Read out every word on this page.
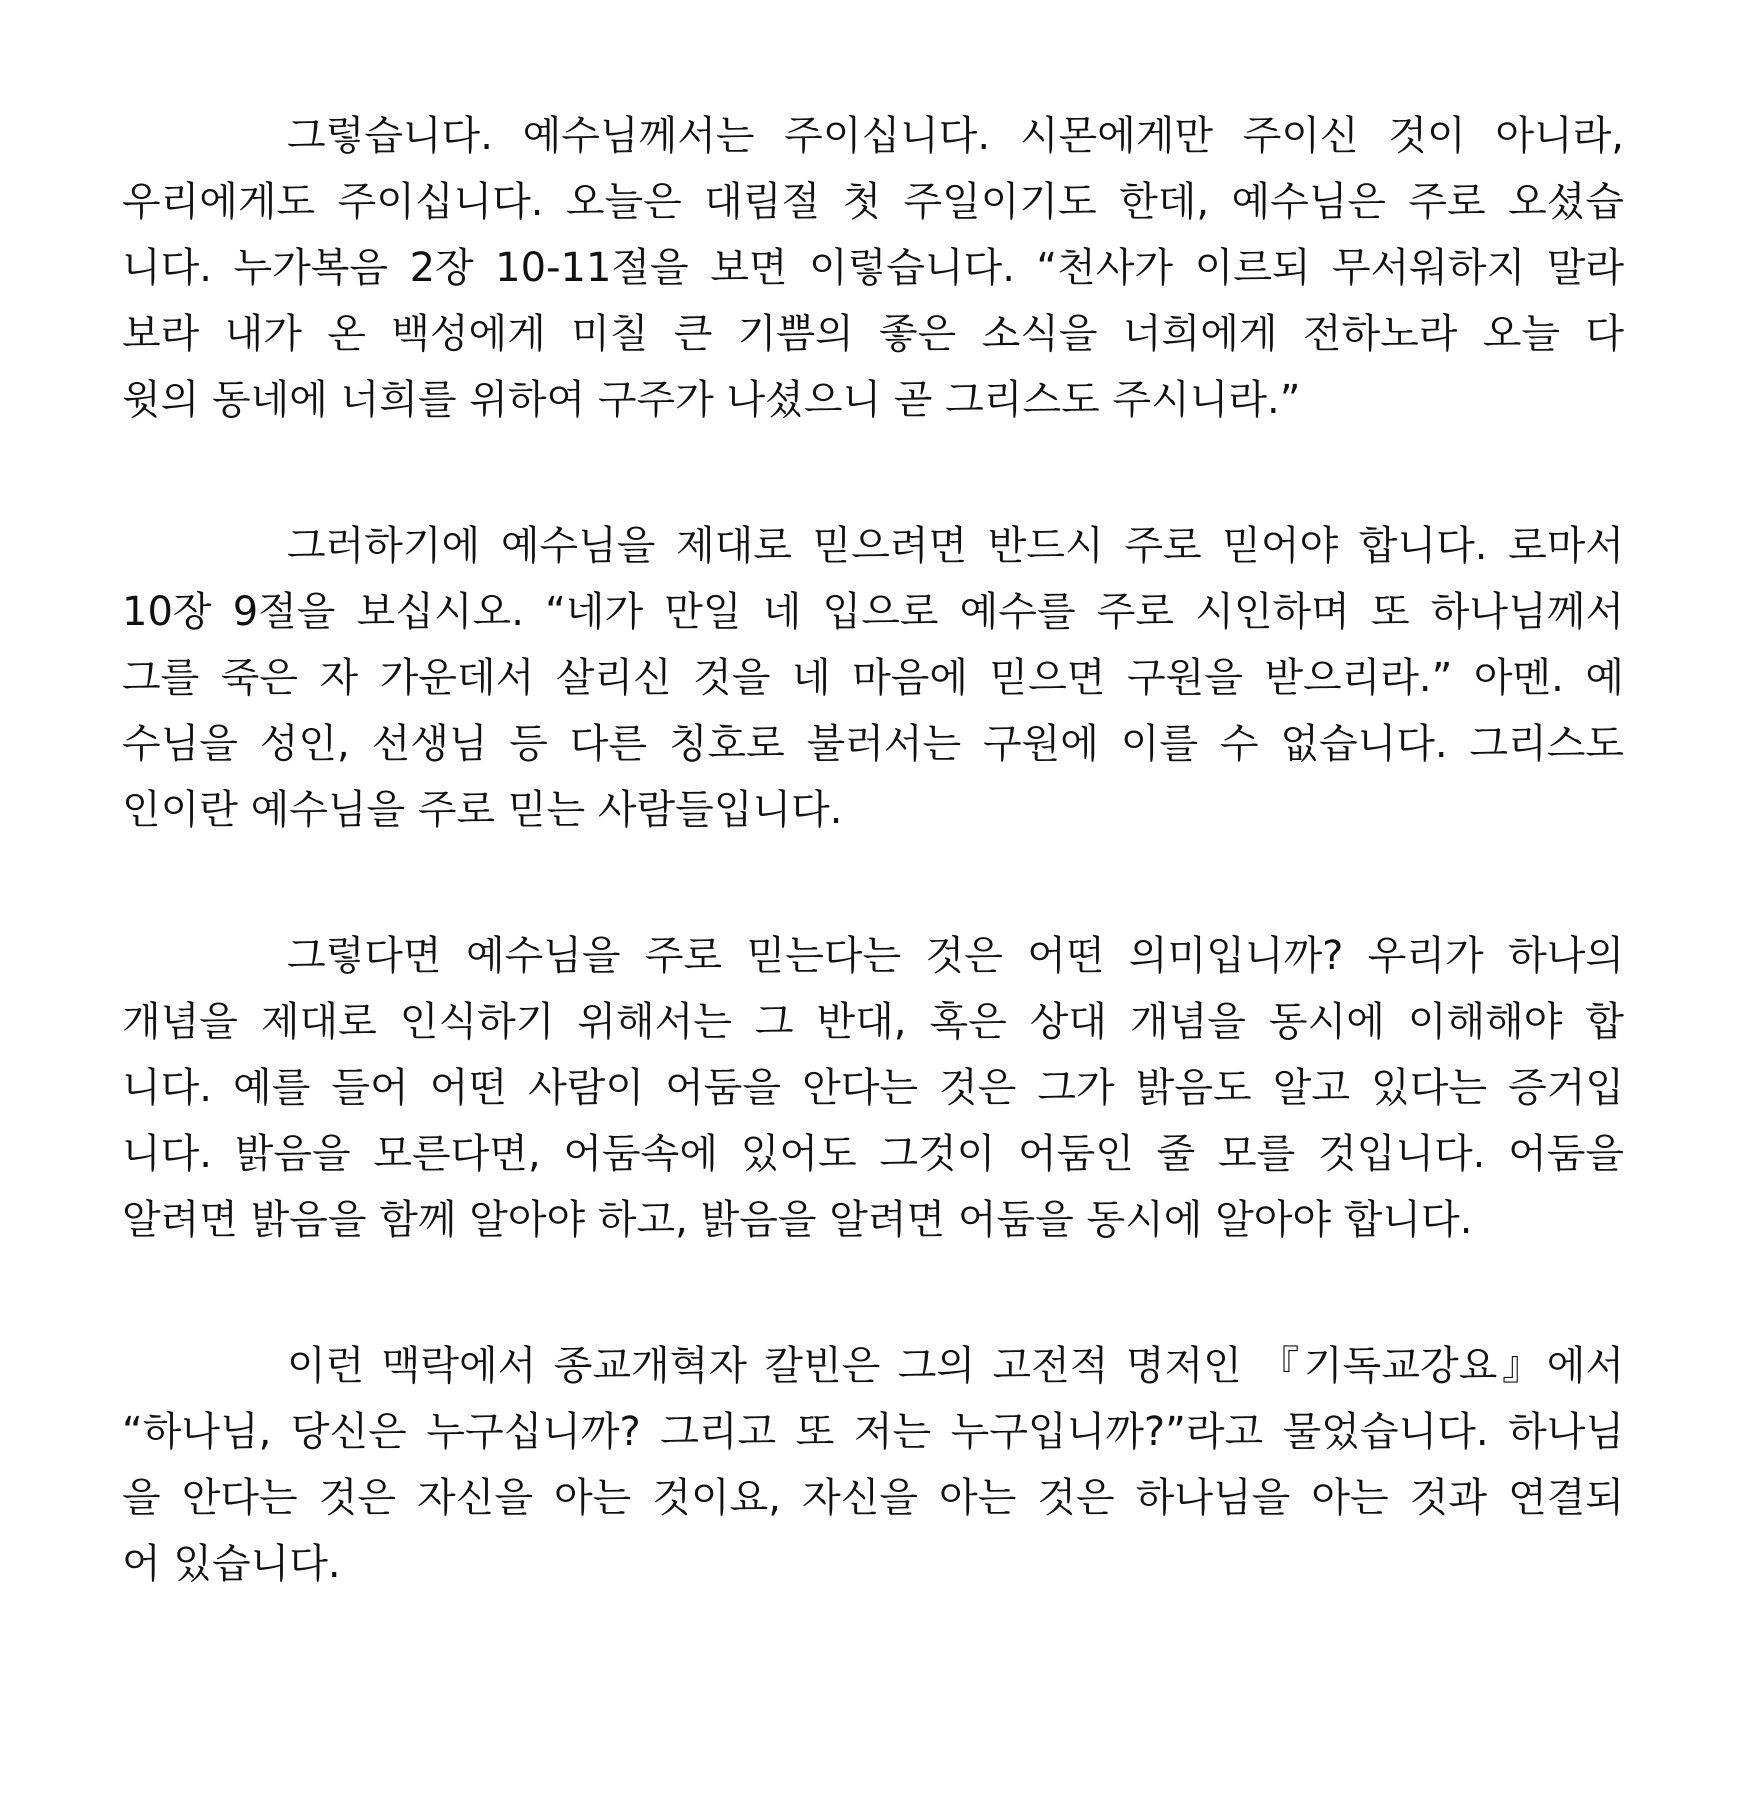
그렇습니다. 예수님께서는 주이십니다. 시몬에게만 주이신 것이 아니라,
우리에게도 주이십니다. 오늘은 대림절 첫 주일이기도 한데, 예수님은 주로 오셨습
니다. 누가복음 2장 10-11절을 보면 이렇습니다. “천사가 이르되 무서워하지 말라
보라 내가 온 백성에게 미칠 큰 기쁨의 좋은 소식을 너희에게 전하노라 오늘 다
윗의 동네에 너희를 위하여 구주가 나셨으니 곧 그리스도 주시니라.”
그러하기에 예수님을 제대로 믿으려면 반드시 주로 믿어야 합니다. 로마서
10장 9절을 보십시오. “네가 만일 네 입으로 예수를 주로 시인하며 또 하나님께서
그를 죽은 자 가운데서 살리신 것을 네 마음에 믿으면 구원을 받으리라.” 아멘. 예
수님을 성인, 선생님 등 다른 칭호로 불러서는 구원에 이를 수 없습니다. 그리스도
인이란 예수님을 주로 믿는 사람들입니다.
그렇다면 예수님을 주로 믿는다는 것은 어떤 의미입니까? 우리가 하나의
개념을 제대로 인식하기 위해서는 그 반대, 혹은 상대 개념을 동시에 이해해야 합
니다. 예를 들어 어떤 사람이 어둠을 안다는 것은 그가 밝음도 알고 있다는 증거입
니다. 밝음을 모른다면, 어둠속에 있어도 그것이 어둠인 줄 모를 것입니다. 어둠을
알려면 밝음을 함께 알아야 하고, 밝음을 알려면 어둠을 동시에 알아야 합니다.
이런 맥락에서 종교개혁자 칼빈은 그의 고전적 명저인 『기독교강요』에서
“하나님, 당신은 누구십니까? 그리고 또 저는 누구입니까?”라고 물었습니다. 하나님
을 안다는 것은 자신을 아는 것이요, 자신을 아는 것은 하나님을 아는 것과 연결되
어 있습니다.
